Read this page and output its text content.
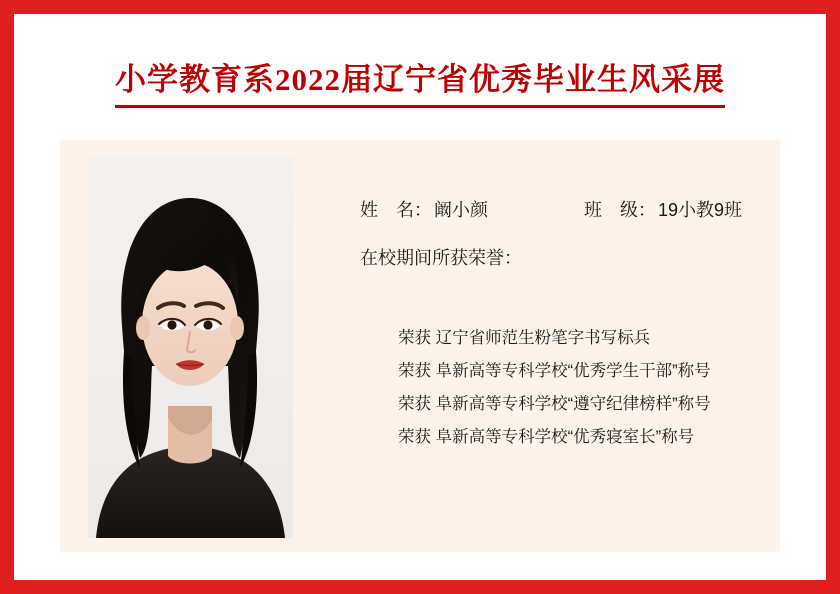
小学教育系2022届辽宁省优秀毕业生风采展
姓　名： 阚小颜	班　级： 19小教9班
在校期间所获荣誉：
荣获 辽宁省师范生粉笔字书写标兵
荣获 阜新高等专科学校“优秀学生干部”称号
荣获 阜新高等专科学校“遵守纪律榜样”称号
荣获 阜新高等专科学校“优秀寝室长”称号
